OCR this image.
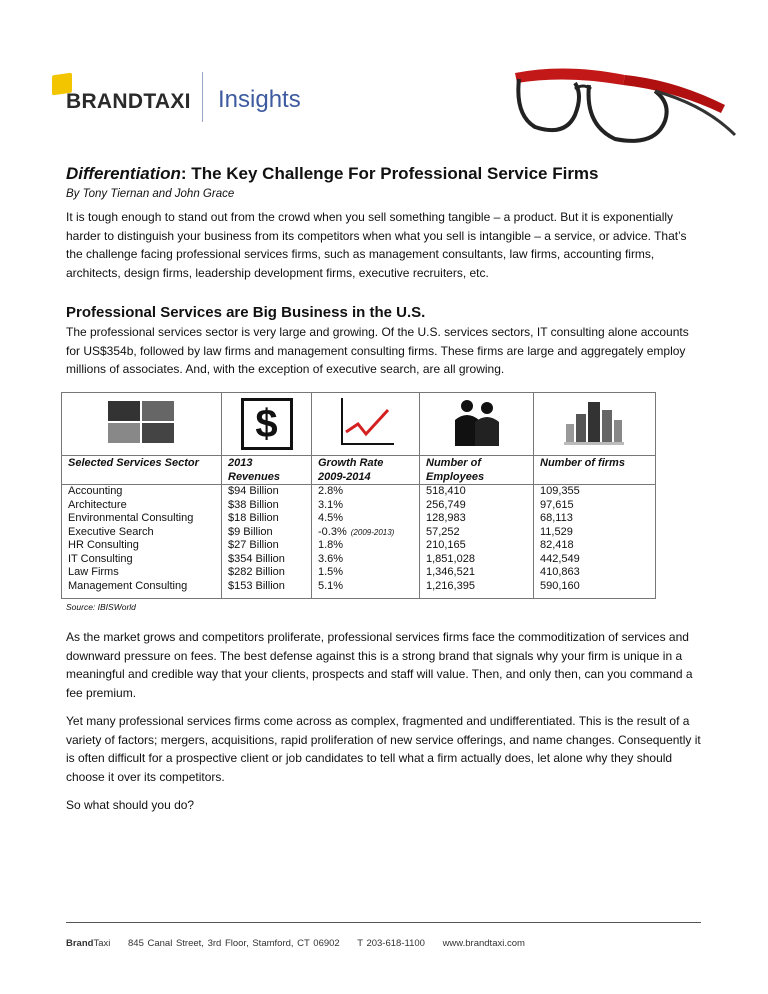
BRANDTAXI Insights
Differentiation: The Key Challenge For Professional Service Firms
By Tony Tiernan and John Grace
It is tough enough to stand out from the crowd when you sell something tangible – a product. But it is exponentially harder to distinguish your business from its competitors when what you sell is intangible – a service, or advice. That’s the challenge facing professional services firms, such as management consultants, law firms, accounting firms, architects, design firms, leadership development firms, executive recruiters, etc.
Professional Services are Big Business in the U.S.
The professional services sector is very large and growing. Of the U.S. services sectors, IT consulting alone accounts for US$354b, followed by law firms and management consulting firms. These firms are large and aggregately employ millions of associates. And, with the exception of executive search, are all growing.
	$			
Selected Services Sector	2013 Revenues	Growth Rate 2009-2014	Number of Employees	Number of firms
Accounting	$94 Billion	2.8%	518,410	109,355
Architecture	$38 Billion	3.1%	256,749	97,615
Environmental Consulting	$18 Billion	4.5%	128,983	68,113
Executive Search	$9 Billion	-0.3% (2009-2013)	57,252	11,529
HR Consulting	$27 Billion	1.8%	210,165	82,418
IT Consulting	$354 Billion	3.6%	1,851,028	442,549
Law Firms	$282 Billion	1.5%	1,346,521	410,863
Management Consulting	$153 Billion	5.1%	1,216,395	590,160
Source: IBISWorld
As the market grows and competitors proliferate, professional services firms face the commoditization of services and downward pressure on fees. The best defense against this is a strong brand that signals why your firm is unique in a meaningful and credible way that your clients, prospects and staff will value. Then, and only then, can you command a fee premium.
Yet many professional services firms come across as complex, fragmented and undifferentiated. This is the result of a variety of factors; mergers, acquisitions, rapid proliferation of new service offerings, and name changes. Consequently it is often difficult for a prospective client or job candidates to tell what a firm actually does, let alone why they should choose it over its competitors.
So what should you do?
BrandTaxi 845 Canal Street, 3rd Floor, Stamford, CT 06902 T 203-618-1100 www.brandtaxi.com
